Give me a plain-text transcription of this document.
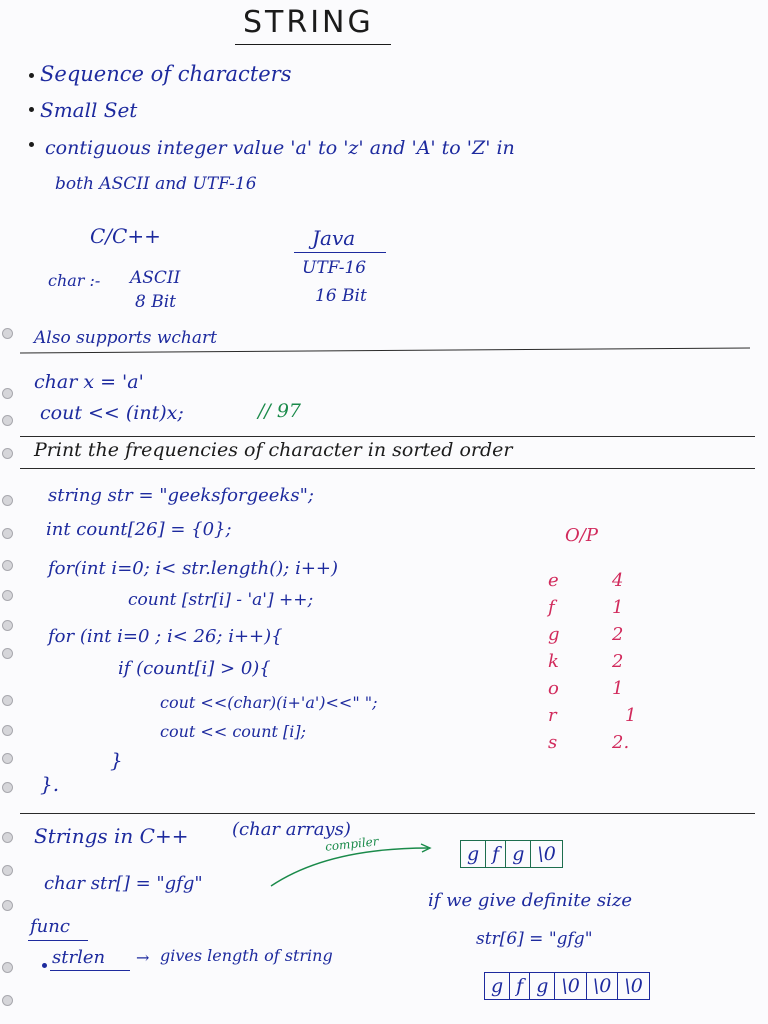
STRING
Sequence of characters
Small Set
contiguous integer value 'a' to 'z' and 'A' to 'Z' in
both ASCII and UTF-16
C/C++	Java
char :- ASCII
8 Bit
UTF-16
16 Bit
Also supports wchart
char x = 'a'
cout << (int)x;	// 97
Print the frequencies of character in sorted order
string str = "geeksforgeeks";
int count[26] = {0};
for(int i=0; i< str.length(); i++)
count [str[i] - 'a'] ++;
for (int i=0 ; i< 26; i++){
if (count[i] > 0){
cout <<(char)(i+'a')<<" ";
cout << count [i];
}
}.
O/P
e	4
f	1
g	2
k	2
o	1
r	1
s	2.
Strings in C++ (char arrays)
compiler	g f g \0
char str[] = "gfg"
if we give definite size
func
str[6] = "gfg"
strlen → gives length of string
g f g \0 \0 \0
